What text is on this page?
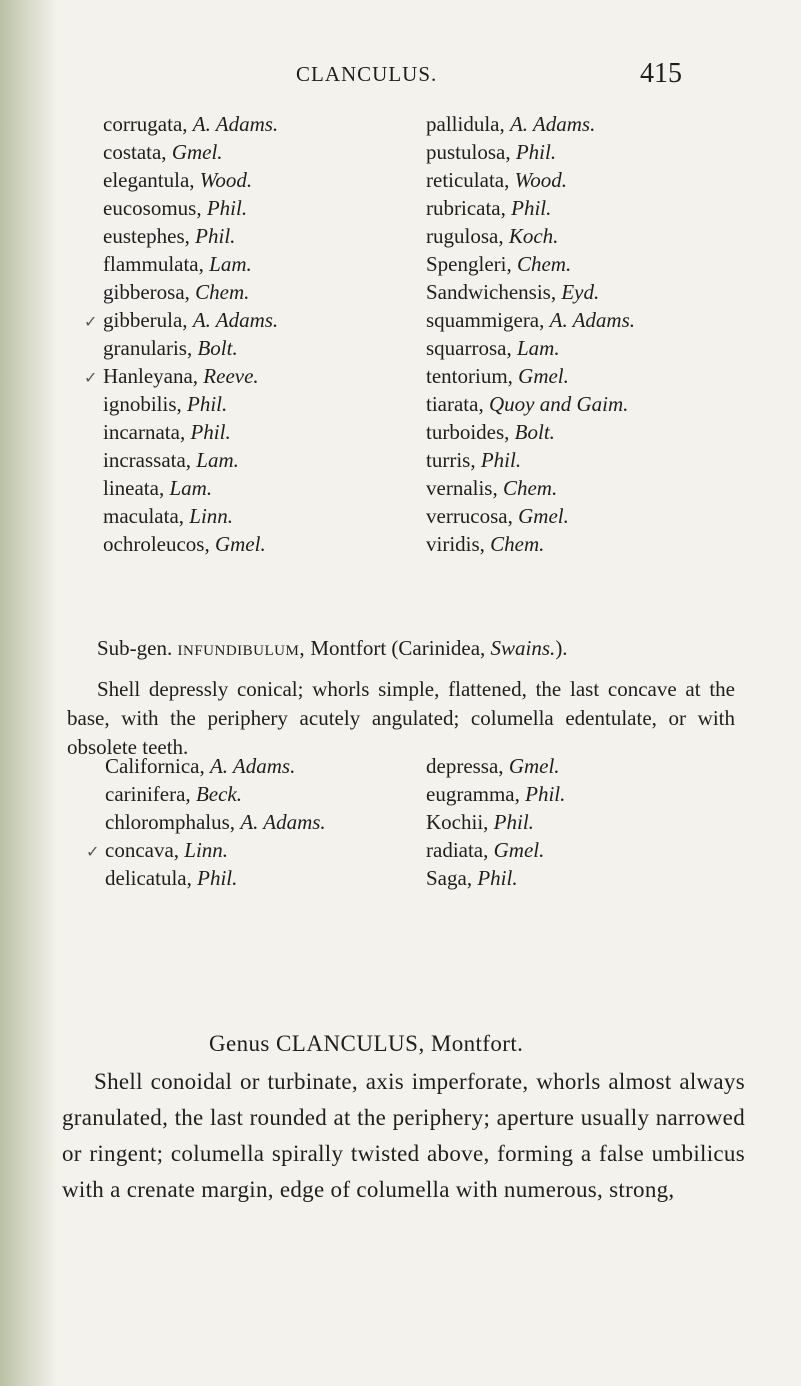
CLANCULUS.	415
corrugata, A. Adams.
costata, Gmel.
elegantula, Wood.
eucosomus, Phil.
eustephes, Phil.
flammulata, Lam.
gibberosa, Chem.
gibberula, A. Adams.
granularis, Bolt.
Hanleyana, Reeve.
ignobilis, Phil.
incarnata, Phil.
incrassata, Lam.
lineata, Lam.
maculata, Linn.
ochroleucos, Gmel.
✓
✓
pallidula, A. Adams.
pustulosa, Phil.
reticulata, Wood.
rubricata, Phil.
rugulosa, Koch.
Spengleri, Chem.
Sandwichensis, Eyd.
squammigera, A. Adams.
squarrosa, Lam.
tentorium, Gmel.
tiarata, Quoy and Gaim.
turboides, Bolt.
turris, Phil.
vernalis, Chem.
verrucosa, Gmel.
viridis, Chem.
Sub-gen. infundibulum, Montfort (Carinidea, Swains.).
Shell depressly conical; whorls simple, flattened, the last concave at the base, with the periphery acutely angulated; columella edentulate, or with obsolete teeth.
Californica, A. Adams.
carinifera, Beck.
chloromphalus, A. Adams.
concava, Linn.
delicatula, Phil.
✓
depressa, Gmel.
eugramma, Phil.
Kochii, Phil.
radiata, Gmel.
Saga, Phil.
Genus CLANCULUS, Montfort.
Shell conoidal or turbinate, axis imperforate, whorls almost always granulated, the last rounded at the periphery; aperture usually narrowed or ringent; columella spirally twisted above, forming a false umbilicus with a crenate margin, edge of columella with numerous, strong,
